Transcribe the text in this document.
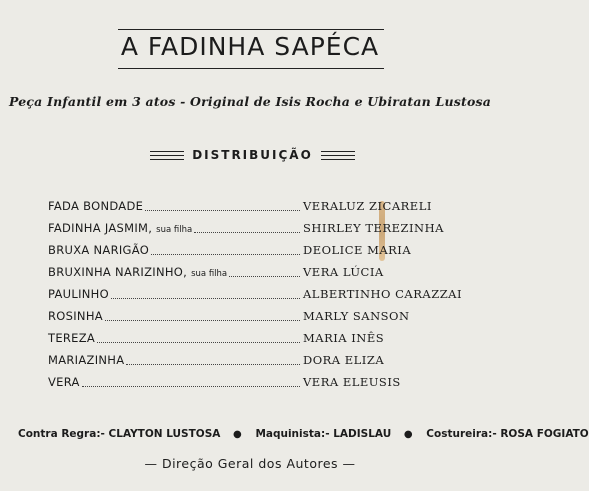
A FADINHA SAPÉCA
Peça Infantil em 3 atos - Original de Isis Rocha e Ubiratan Lustosa
DISTRIBUIÇÃO
FADA BONDADE	VERALUZ ZICARELI
FADINHA JASMIM, sua filha	SHIRLEY TEREZINHA
BRUXA NARIGÃO	DEOLICE MARIA
BRUXINHA NARIZINHO, sua filha	VERA LÚCIA
PAULINHO	ALBERTINHO CARAZZAI
ROSINHA	MARLY SANSON
TEREZA	MARIA INÊS
MARIAZINHA	DORA ELIZA
VERA	VERA ELEUSIS
Contra Regra:- CLAYTON LUSTOSA ● Maquinista:- LADISLAU ● Costureira:- ROSA FOGIATO
— Direção Geral dos Autores —
